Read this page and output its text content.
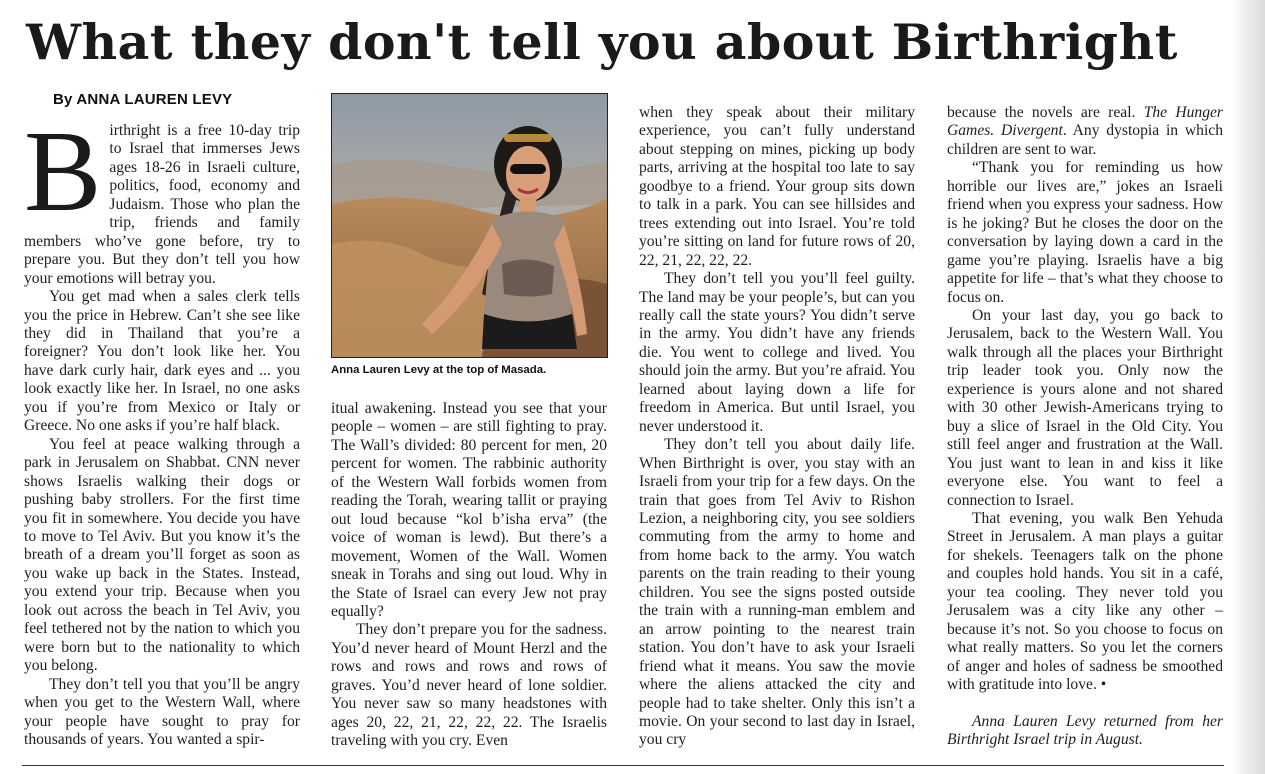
What they don't tell you about Birthright

By ANNA LAUREN LEVY

Birthright is a free 10-day trip to Israel that immerses Jews ages 18-26 in Israeli culture, politics, food, economy and Judaism. Those who plan the trip, friends and family members who’ve gone before, try to prepare you. But they don’t tell you how your emotions will betray you.

You get mad when a sales clerk tells you the price in Hebrew. Can’t she see like they did in Thailand that you’re a foreigner? You don’t look like her. You have dark curly hair, dark eyes and ... you look exactly like her. In Israel, no one asks you if you’re from Mexico or Italy or Greece. No one asks if you’re half black.

You feel at peace walking through a park in Jerusalem on Shabbat. CNN never shows Israelis walking their dogs or pushing baby strollers. For the first time you fit in somewhere. You decide you have to move to Tel Aviv. But you know it’s the breath of a dream you’ll forget as soon as you wake up back in the States. Instead, you extend your trip. Because when you look out across the beach in Tel Aviv, you feel tethered not by the nation to which you were born but to the nationality to which you belong.

They don’t tell you that you’ll be angry when you get to the Western Wall, where your people have sought to pray for thousands of years. You wanted a spir-

Anna Lauren Levy at the top of Masada.

itual awakening. Instead you see that your people – women – are still fighting to pray. The Wall’s divided: 80 percent for men, 20 percent for women. The rabbinic authority of the Western Wall forbids women from reading the Torah, wearing tallit or praying out loud because “kol b’isha erva” (the voice of woman is lewd). But there’s a movement, Women of the Wall. Women sneak in Torahs and sing out loud. Why in the State of Israel can every Jew not pray equally?

They don’t prepare you for the sadness. You’d never heard of Mount Herzl and the rows and rows and rows and rows of graves. You’d never heard of lone soldier. You never saw so many headstones with ages 20, 22, 21, 22, 22, 22. The Israelis traveling with you cry. Even

when they speak about their military experience, you can’t fully understand about stepping on mines, picking up body parts, arriving at the hospital too late to say goodbye to a friend. Your group sits down to talk in a park. You can see hillsides and trees extending out into Israel. You’re told you’re sitting on land for future rows of 20, 22, 21, 22, 22, 22.

They don’t tell you you’ll feel guilty. The land may be your people’s, but can you really call the state yours? You didn’t serve in the army. You didn’t have any friends die. You went to college and lived. You should join the army. But you’re afraid. You learned about laying down a life for freedom in America. But until Israel, you never understood it.

They don’t tell you about daily life. When Birthright is over, you stay with an Israeli from your trip for a few days. On the train that goes from Tel Aviv to Rishon Lezion, a neighboring city, you see soldiers commuting from the army to home and from home back to the army. You watch parents on the train reading to their young children. You see the signs posted outside the train with a running-man emblem and an arrow pointing to the nearest train station. You don’t have to ask your Israeli friend what it means. You saw the movie where the aliens attacked the city and people had to take shelter. Only this isn’t a movie. On your second to last day in Israel, you cry

because the novels are real. The Hunger Games. Divergent. Any dystopia in which children are sent to war.

“Thank you for reminding us how horrible our lives are,” jokes an Israeli friend when you express your sadness. How is he joking? But he closes the door on the conversation by laying down a card in the game you’re playing. Israelis have a big appetite for life – that’s what they choose to focus on.

On your last day, you go back to Jerusalem, back to the Western Wall. You walk through all the places your Birthright trip leader took you. Only now the experience is yours alone and not shared with 30 other Jewish-Americans trying to buy a slice of Israel in the Old City. You still feel anger and frustration at the Wall. You just want to lean in and kiss it like everyone else. You want to feel a connection to Israel.

That evening, you walk Ben Yehuda Street in Jerusalem. A man plays a guitar for shekels. Teenagers talk on the phone and couples hold hands. You sit in a café, your tea cooling. They never told you Jerusalem was a city like any other – because it’s not. So you choose to focus on what really matters. So you let the corners of anger and holes of sadness be smoothed with gratitude into love. •

Anna Lauren Levy returned from her Birthright Israel trip in August.
